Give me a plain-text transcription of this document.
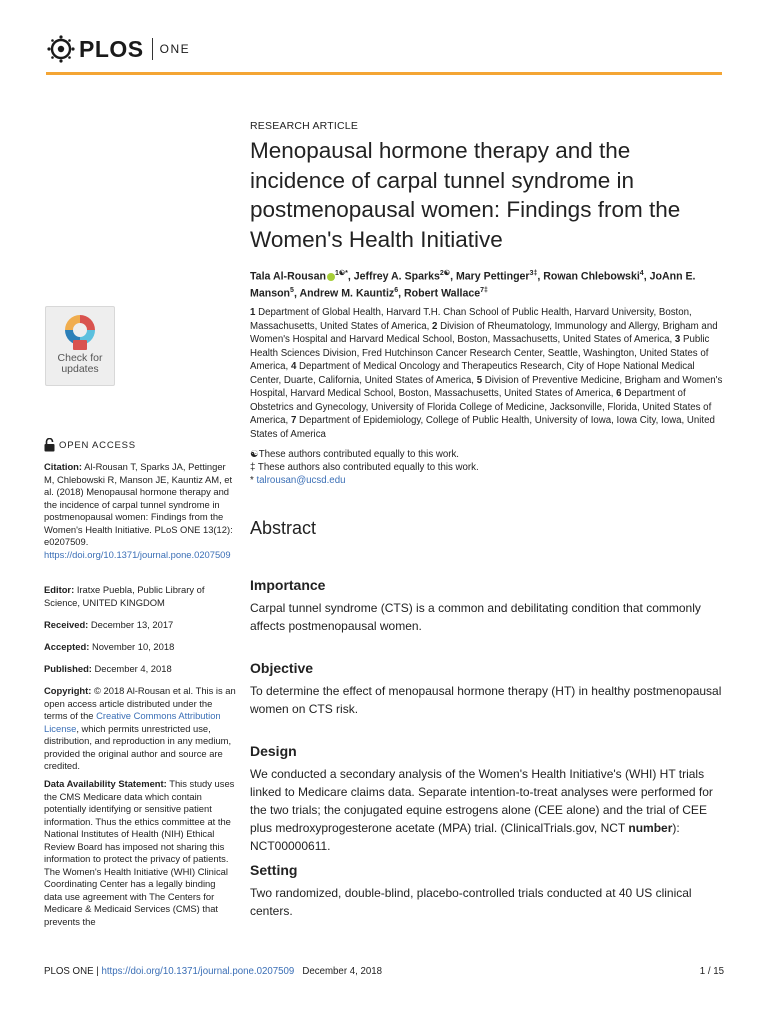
PLOS ONE
Check for
updates
OPEN ACCESS
Citation: Al-Rousan T, Sparks JA, Pettinger M, Chlebowski R, Manson JE, Kauntiz AM, et al. (2018) Menopausal hormone therapy and the incidence of carpal tunnel syndrome in postmenopausal women: Findings from the Women's Health Initiative. PLoS ONE 13(12): e0207509. https://doi.org/10.1371/journal.pone.0207509
Editor: Iratxe Puebla, Public Library of Science, UNITED KINGDOM
Received: December 13, 2017
Accepted: November 10, 2018
Published: December 4, 2018
Copyright: © 2018 Al-Rousan et al. This is an open access article distributed under the terms of the Creative Commons Attribution License, which permits unrestricted use, distribution, and reproduction in any medium, provided the original author and source are credited.
Data Availability Statement: This study uses the CMS Medicare data which contain potentially identifying or sensitive patient information. Thus the ethics committee at the National Institutes of Health (NIH) Ethical Review Board has imposed not sharing this information to protect the privacy of patients. The Women's Health Initiative (WHI) Clinical Coordinating Center has a legally binding data use agreement with The Centers for Medicare & Medicaid Services (CMS) that prevents the
RESEARCH ARTICLE
Menopausal hormone therapy and the
incidence of carpal tunnel syndrome in
postmenopausal women: Findings from the
Women's Health Initiative
Tala Al-Rousan $^{1☯*}$, Jeffrey A. Sparks$^{2☯}$, Mary Pettinger$^{3\ddagger}$, Rowan Chlebowski$^4$, JoAnn E. Manson$^5$, Andrew M. Kauntiz$^6$, Robert Wallace$^{7\ddagger}$
1 Department of Global Health, Harvard T.H. Chan School of Public Health, Harvard University, Boston, Massachusetts, United States of America, 2 Division of Rheumatology, Immunology and Allergy, Brigham and Women's Hospital and Harvard Medical School, Boston, Massachusetts, United States of America, 3 Public Health Sciences Division, Fred Hutchinson Cancer Research Center, Seattle, Washington, United States of America, 4 Department of Medical Oncology and Therapeutics Research, City of Hope National Medical Center, Duarte, California, United States of America, 5 Division of Preventive Medicine, Brigham and Women's Hospital, Harvard Medical School, Boston, Massachusetts, United States of America, 6 Department of Obstetrics and Gynecology, University of Florida College of Medicine, Jacksonville, Florida, United States of America, 7 Department of Epidemiology, College of Public Health, University of Iowa, Iowa City, Iowa, United States of America
☯These authors contributed equally to this work.
‡ These authors also contributed equally to this work.
* talrousan@ucsd.edu
Abstract
Importance
Carpal tunnel syndrome (CTS) is a common and debilitating condition that commonly affects postmenopausal women.
Objective
To determine the effect of menopausal hormone therapy (HT) in healthy postmenopausal women on CTS risk.
Design
We conducted a secondary analysis of the Women's Health Initiative's (WHI) HT trials linked to Medicare claims data. Separate intention-to-treat analyses were performed for the two trials; the conjugated equine estrogens alone (CEE alone) and the trial of CEE plus medroxyprogesterone acetate (MPA) trial. (ClinicalTrials.gov, NCT number): NCT00000611.
Setting
Two randomized, double-blind, placebo-controlled trials conducted at 40 US clinical centers.
PLOS ONE |
https://doi.org/10.1371/journal.pone.0207509
December 4, 2018	1 / 15
